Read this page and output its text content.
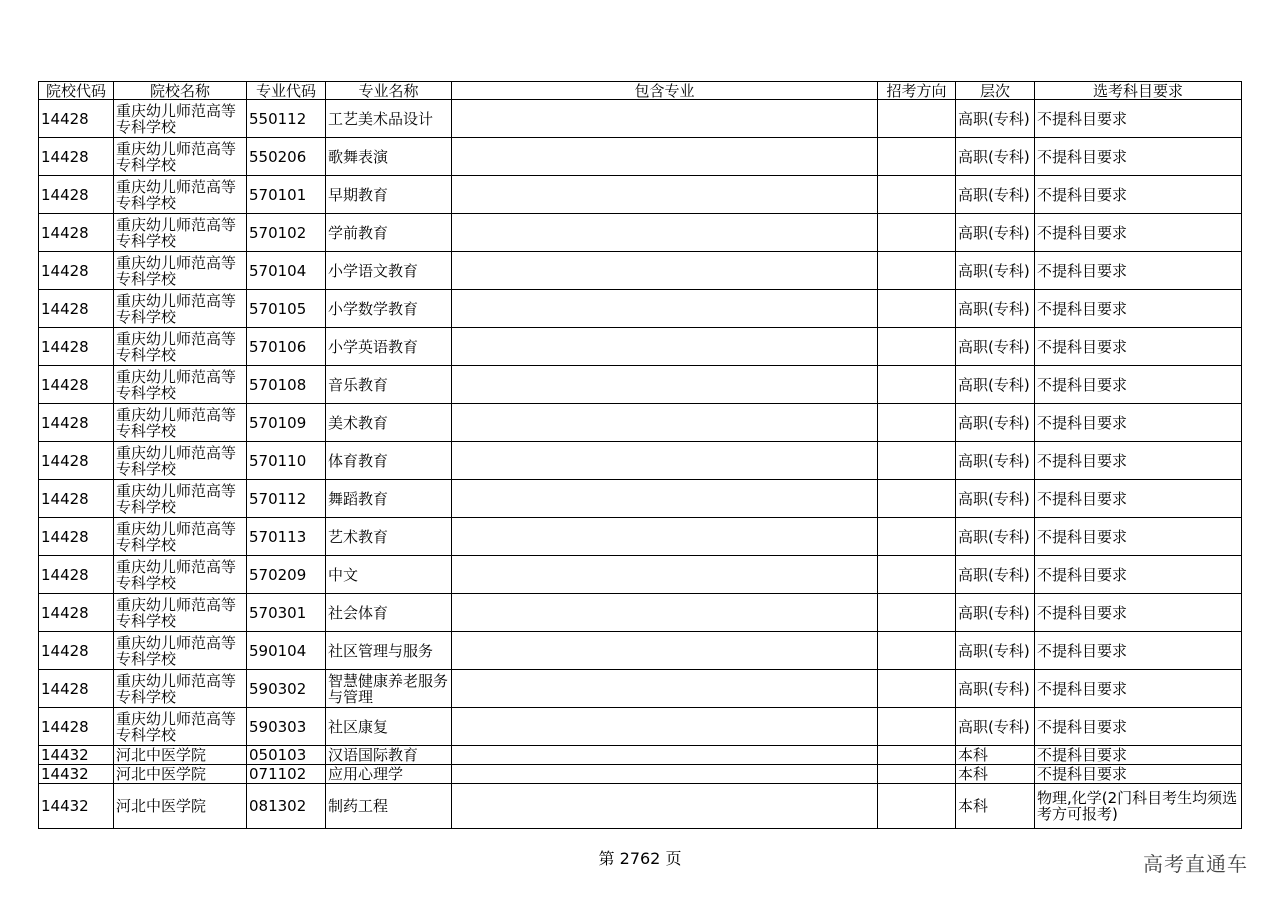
院校代码	院校名称	专业代码	专业名称	包含专业	招考方向	层次	选考科目要求
14428	重庆幼儿师范高等专科学校	550112	工艺美术品设计			高职(专科)	不提科目要求
14428	重庆幼儿师范高等专科学校	550206	歌舞表演			高职(专科)	不提科目要求
14428	重庆幼儿师范高等专科学校	570101	早期教育			高职(专科)	不提科目要求
14428	重庆幼儿师范高等专科学校	570102	学前教育			高职(专科)	不提科目要求
14428	重庆幼儿师范高等专科学校	570104	小学语文教育			高职(专科)	不提科目要求
14428	重庆幼儿师范高等专科学校	570105	小学数学教育			高职(专科)	不提科目要求
14428	重庆幼儿师范高等专科学校	570106	小学英语教育			高职(专科)	不提科目要求
14428	重庆幼儿师范高等专科学校	570108	音乐教育			高职(专科)	不提科目要求
14428	重庆幼儿师范高等专科学校	570109	美术教育			高职(专科)	不提科目要求
14428	重庆幼儿师范高等专科学校	570110	体育教育			高职(专科)	不提科目要求
14428	重庆幼儿师范高等专科学校	570112	舞蹈教育			高职(专科)	不提科目要求
14428	重庆幼儿师范高等专科学校	570113	艺术教育			高职(专科)	不提科目要求
14428	重庆幼儿师范高等专科学校	570209	中文			高职(专科)	不提科目要求
14428	重庆幼儿师范高等专科学校	570301	社会体育			高职(专科)	不提科目要求
14428	重庆幼儿师范高等专科学校	590104	社区管理与服务			高职(专科)	不提科目要求
14428	重庆幼儿师范高等专科学校	590302	智慧健康养老服务与管理			高职(专科)	不提科目要求
14428	重庆幼儿师范高等专科学校	590303	社区康复			高职(专科)	不提科目要求
14432	河北中医学院	050103	汉语国际教育			本科	不提科目要求
14432	河北中医学院	071102	应用心理学			本科	不提科目要求
14432	河北中医学院	081302	制药工程			本科	物理,化学(2门科目考生均须选考方可报考)
第 2762 页	高考直通车
